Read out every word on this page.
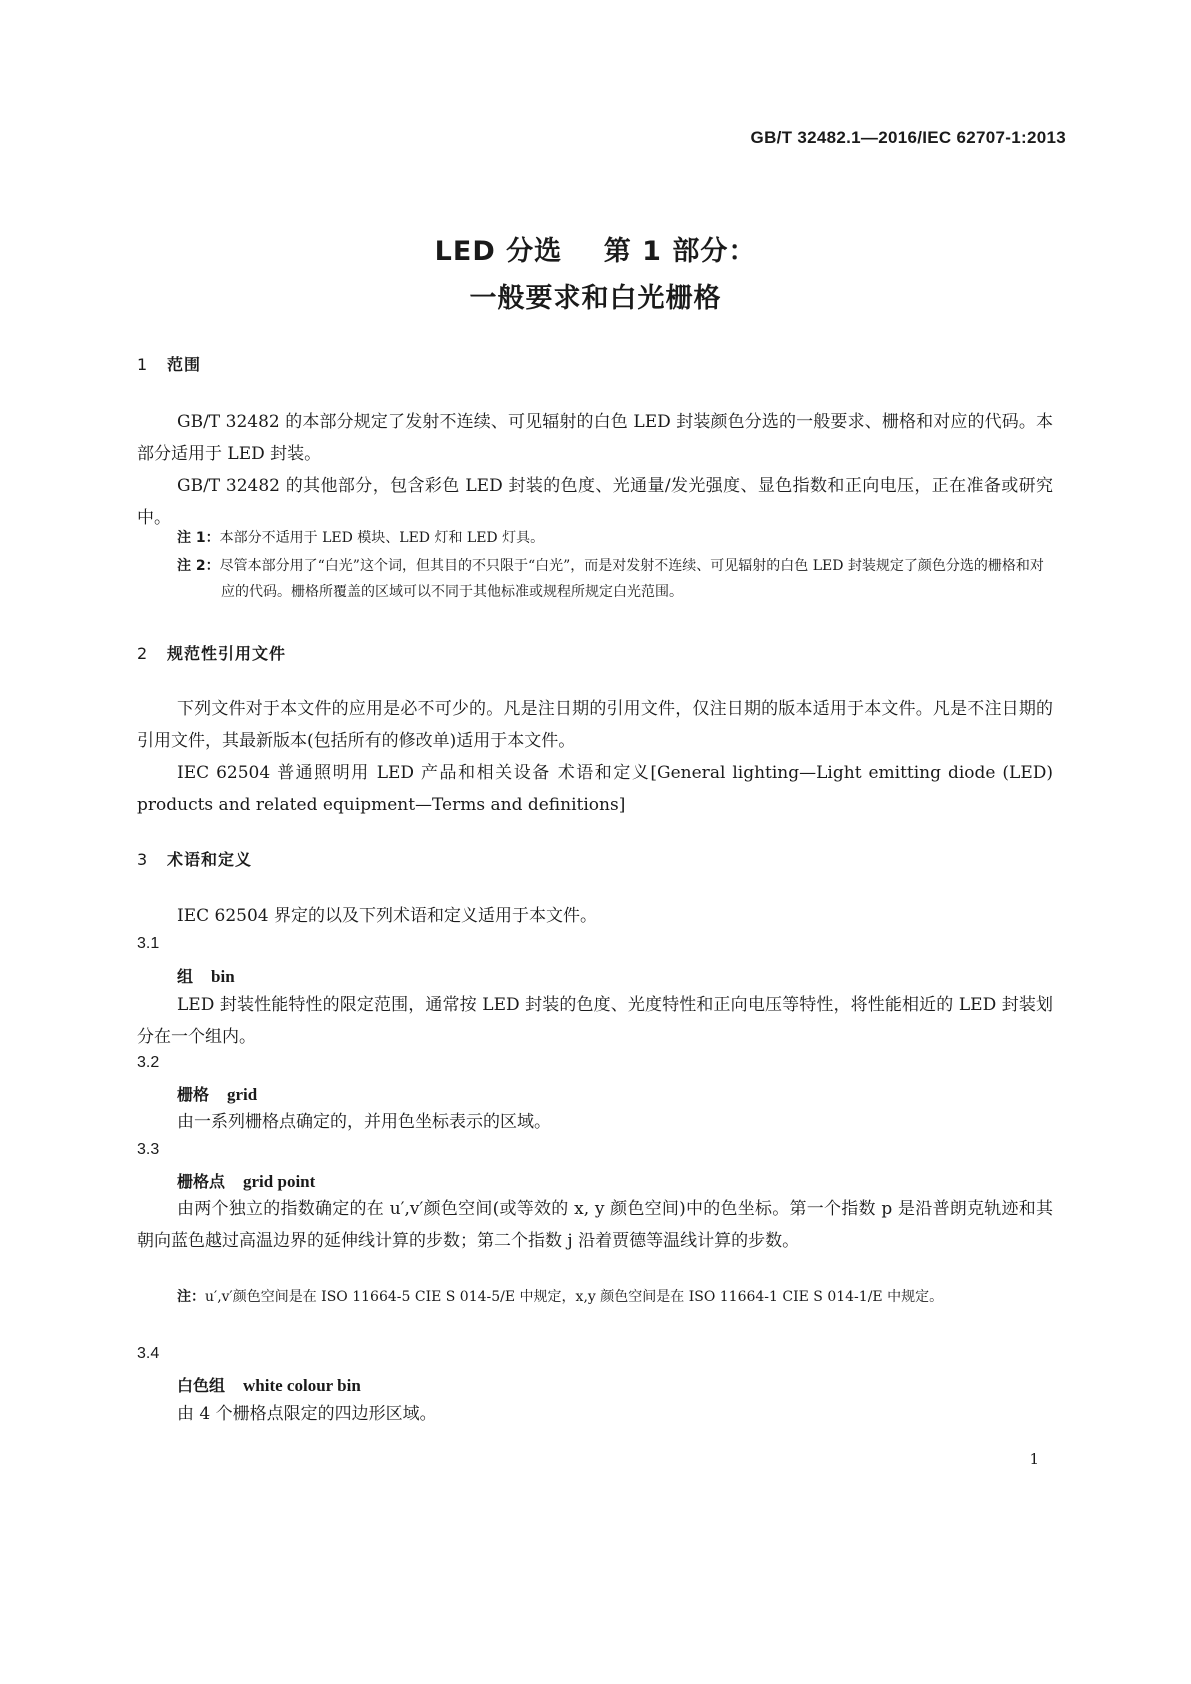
GB/T 32482.1—2016/IEC 62707-1:2013
LED 分选    第 1 部分：
一般要求和白光栅格
1 范围
GB/T 32482 的本部分规定了发射不连续、可见辐射的白色 LED 封装颜色分选的一般要求、栅格和对应的代码。本部分适用于 LED 封装。
GB/T 32482 的其他部分，包含彩色 LED 封装的色度、光通量/发光强度、显色指数和正向电压，正在准备或研究中。
注 1：本部分不适用于 LED 模块、LED 灯和 LED 灯具。
注 2：尽管本部分用了“白光”这个词，但其目的不只限于“白光”，而是对发射不连续、可见辐射的白色 LED 封装规定了颜色分选的栅格和对应的代码。栅格所覆盖的区域可以不同于其他标准或规程所规定白光范围。
2 规范性引用文件
下列文件对于本文件的应用是必不可少的。凡是注日期的引用文件，仅注日期的版本适用于本文件。凡是不注日期的引用文件，其最新版本(包括所有的修改单)适用于本文件。
IEC 62504 普通照明用 LED 产品和相关设备 术语和定义[General lighting—Light emitting diode (LED) products and related equipment—Terms and definitions]
3 术语和定义
IEC 62504 界定的以及下列术语和定义适用于本文件。
3.1
组 bin
LED 封装性能特性的限定范围，通常按 LED 封装的色度、光度特性和正向电压等特性，将性能相近的 LED 封装划分在一个组内。
3.2
栅格 grid
由一系列栅格点确定的，并用色坐标表示的区域。
3.3
栅格点 grid point
由两个独立的指数确定的在 u′,v′颜色空间(或等效的 x, y 颜色空间)中的色坐标。第一个指数 p 是沿普朗克轨迹和其朝向蓝色越过高温边界的延伸线计算的步数；第二个指数 j 沿着贾德等温线计算的步数。
注：u′,v′颜色空间是在 ISO 11664-5 CIE S 014-5/E 中规定，x,y 颜色空间是在 ISO 11664-1 CIE S 014-1/E 中规定。
3.4
白色组 white colour bin
由 4 个栅格点限定的四边形区域。
1
